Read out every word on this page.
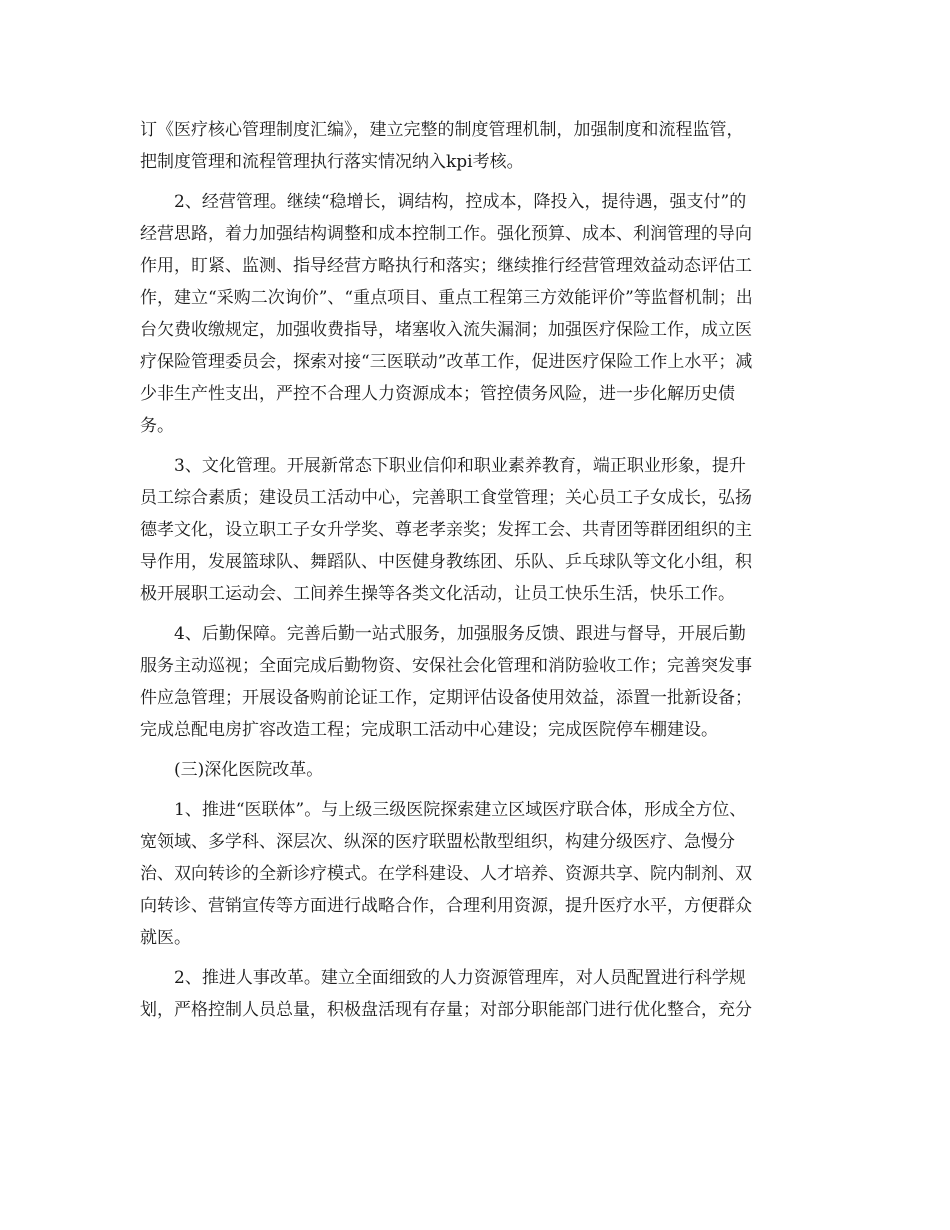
订《医疗核心管理制度汇编》，建立完整的制度管理机制，加强制度和流程监管，

把制度管理和流程管理执行落实情况纳入kpi考核。

2、经营管理。继续“稳增长，调结构，控成本，降投入，提待遇，强支付”的

经营思路，着力加强结构调整和成本控制工作。强化预算、成本、利润管理的导向

作用，盯紧、监测、指导经营方略执行和落实；继续推行经营管理效益动态评估工

作，建立“采购二次询价”、“重点项目、重点工程第三方效能评价”等监督机制；出

台欠费收缴规定，加强收费指导，堵塞收入流失漏洞；加强医疗保险工作，成立医

疗保险管理委员会，探索对接“三医联动”改革工作，促进医疗保险工作上水平；减

少非生产性支出，严控不合理人力资源成本；管控债务风险，进一步化解历史债

务。

3、文化管理。开展新常态下职业信仰和职业素养教育，端正职业形象，提升

员工综合素质；建设员工活动中心，完善职工食堂管理；关心员工子女成长，弘扬

德孝文化，设立职工子女升学奖、尊老孝亲奖；发挥工会、共青团等群团组织的主

导作用，发展篮球队、舞蹈队、中医健身教练团、乐队、乒乓球队等文化小组，积

极开展职工运动会、工间养生操等各类文化活动，让员工快乐生活，快乐工作。

4、后勤保障。完善后勤一站式服务，加强服务反馈、跟进与督导，开展后勤

服务主动巡视；全面完成后勤物资、安保社会化管理和消防验收工作；完善突发事

件应急管理；开展设备购前论证工作，定期评估设备使用效益，添置一批新设备；

完成总配电房扩容改造工程；完成职工活动中心建设；完成医院停车棚建设。

(三)深化医院改革。

1、推进“医联体”。与上级三级医院探索建立区域医疗联合体，形成全方位、

宽领域、多学科、深层次、纵深的医疗联盟松散型组织，构建分级医疗、急慢分

治、双向转诊的全新诊疗模式。在学科建设、人才培养、资源共享、院内制剂、双

向转诊、营销宣传等方面进行战略合作，合理利用资源，提升医疗水平，方便群众

就医。

2、推进人事改革。建立全面细致的人力资源管理库，对人员配置进行科学规

划，严格控制人员总量，积极盘活现有存量；对部分职能部门进行优化整合，充分
